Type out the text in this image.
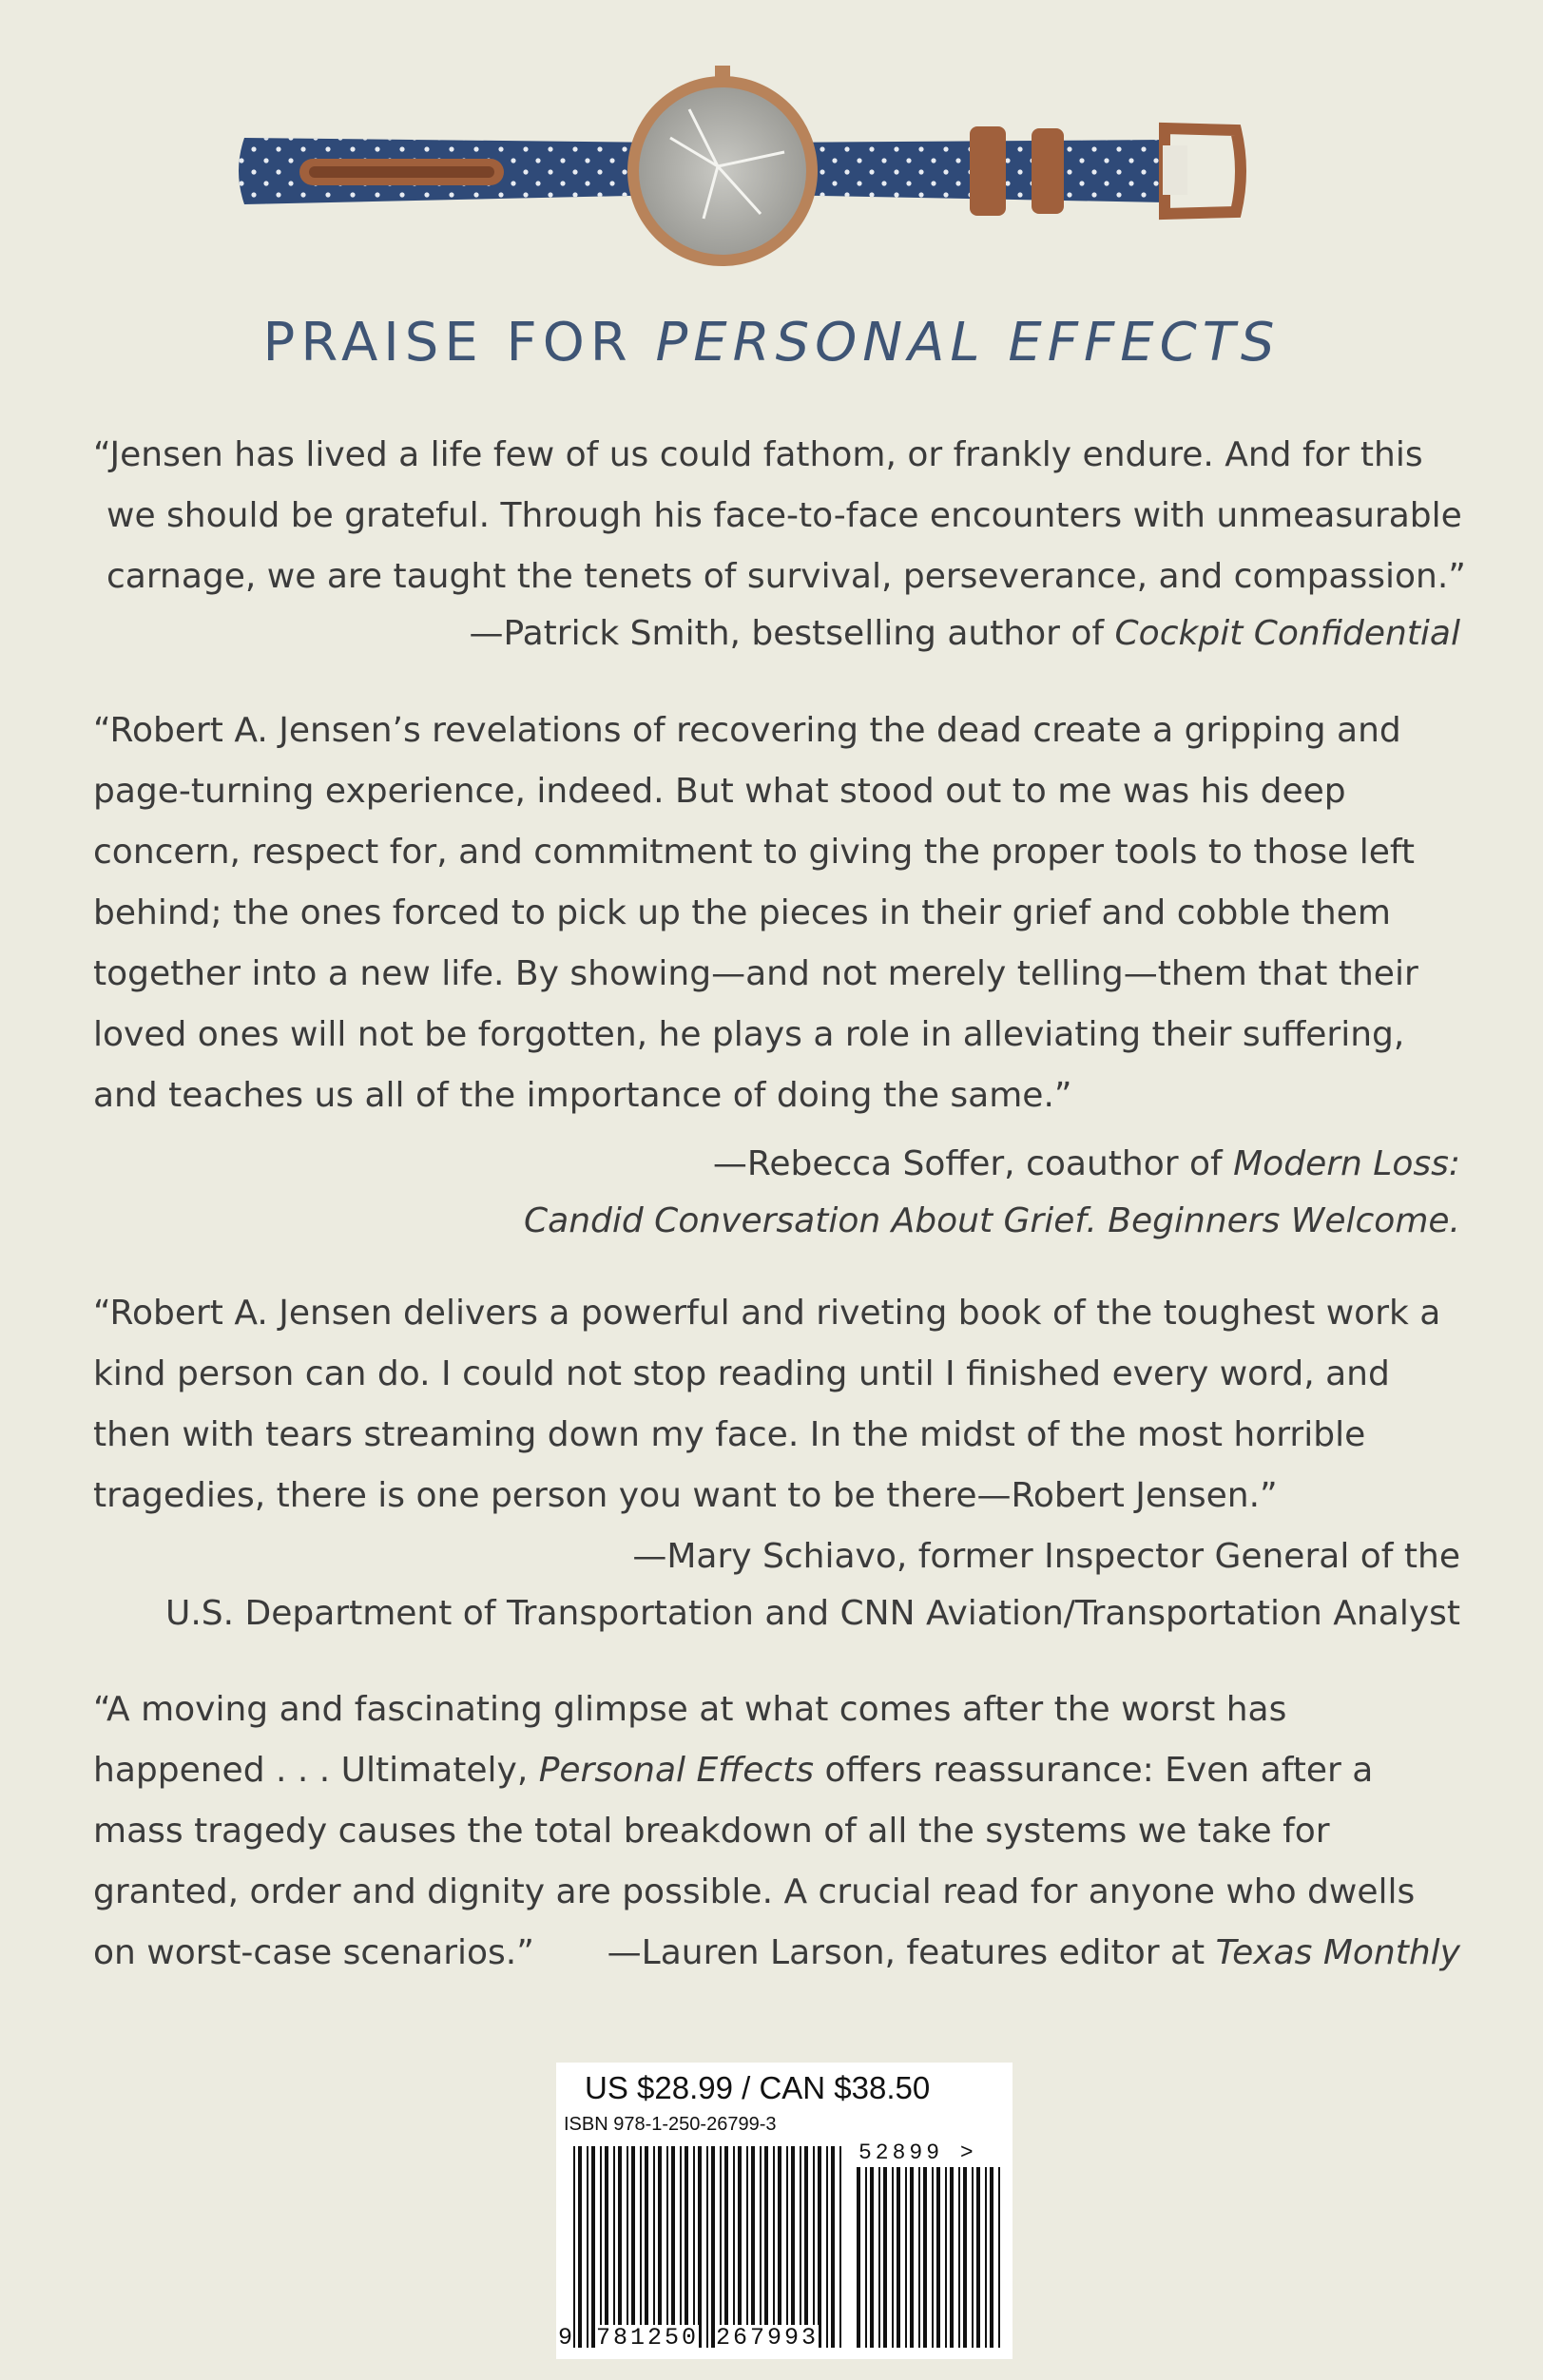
PRAISE FOR PERSONAL EFFECTS
“Jensen has lived a life few of us could fathom, or frankly endure. And for this we should be grateful. Through his face-to-face encounters with unmeasurable carnage, we are taught the tenets of survival, perseverance, and compassion.”
—Patrick Smith, bestselling author of Cockpit Confidential
“Robert A. Jensen’s revelations of recovering the dead create a gripping and page-turning experience, indeed. But what stood out to me was his deep concern, respect for, and commitment to giving the proper tools to those left behind; the ones forced to pick up the pieces in their grief and cobble them together into a new life. By showing—and not merely telling—them that their loved ones will not be forgotten, he plays a role in alleviating their suffering, and teaches us all of the importance of doing the same.”
—Rebecca Soffer, coauthor of Modern Loss:
Candid Conversation About Grief. Beginners Welcome.
“Robert A. Jensen delivers a powerful and riveting book of the toughest work a kind person can do. I could not stop reading until I finished every word, and then with tears streaming down my face. In the midst of the most horrible tragedies, there is one person you want to be there—Robert Jensen.”
—Mary Schiavo, former Inspector General of the
U.S. Department of Transportation and CNN Aviation/Transportation Analyst
“A moving and fascinating glimpse at what comes after the worst has happened . . . Ultimately, Personal Effects offers reassurance: Even after a mass tragedy causes the total breakdown of all the systems we take for granted, order and dignity are possible. A crucial read for anyone who dwells on worst-case scenarios.”	—Lauren Larson, features editor at Texas Monthly
US $28.99 / CAN $38.50
ISBN 978-1-250-26799-3
52899 >
9 781250 267993
